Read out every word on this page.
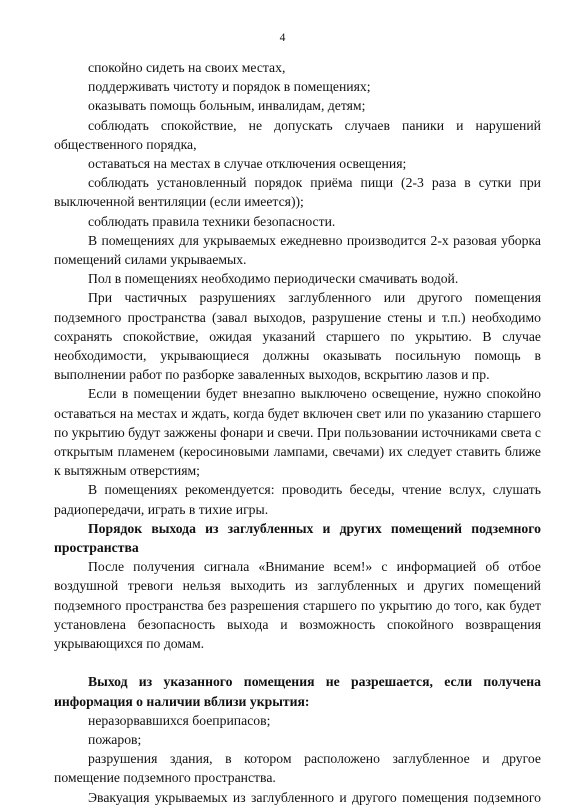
4

спокойно сидеть на своих местах,

поддерживать чистоту и порядок в помещениях;

оказывать помощь больным, инвалидам, детям;

соблюдать спокойствие, не допускать случаев паники и нарушений общественного порядка,

оставаться на местах в случае отключения освещения;

соблюдать установленный порядок приёма пищи (2-3 раза в сутки при выключенной вентиляции (если имеется));

соблюдать правила техники безопасности.

В помещениях для укрываемых ежедневно производится 2-х разовая уборка помещений силами укрываемых.

Пол в помещениях необходимо периодически смачивать водой.

При частичных разрушениях заглубленного или другого помещения подземного пространства (завал выходов, разрушение стены и т.п.) необходимо сохранять спокойствие, ожидая указаний старшего по укрытию. В случае необходимости, укрывающиеся должны оказывать посильную помощь в выполнении работ по разборке заваленных выходов, вскрытию лазов и пр.

Если в помещении будет внезапно выключено освещение, нужно спокойно оставаться на местах и ждать, когда будет включен свет или по указанию старшего по укрытию будут зажжены фонари и свечи. При пользовании источниками света с открытым пламенем (керосиновыми лампами, свечами) их следует ставить ближе к вытяжным отверстиям;

В помещениях рекомендуется: проводить беседы, чтение вслух, слушать радиопередачи, играть в тихие игры.

Порядок выхода из заглубленных и других помещений подземного пространства

После получения сигнала «Внимание всем!» с информацией об отбое воздушной тревоги нельзя выходить из заглубленных и других помещений подземного пространства без разрешения старшего по укрытию до того, как будет установлена безопасность выхода и возможность спокойного возвращения укрывающихся по домам.

Выход из указанного помещения не разрешается, если получена информация о наличии вблизи укрытия:

неразорвавшихся боеприпасов;

пожаров;

разрушения здания, в котором расположено заглубленное и другое помещение подземного пространства.

Эвакуация укрываемых из заглубленного и другого помещения подземного
